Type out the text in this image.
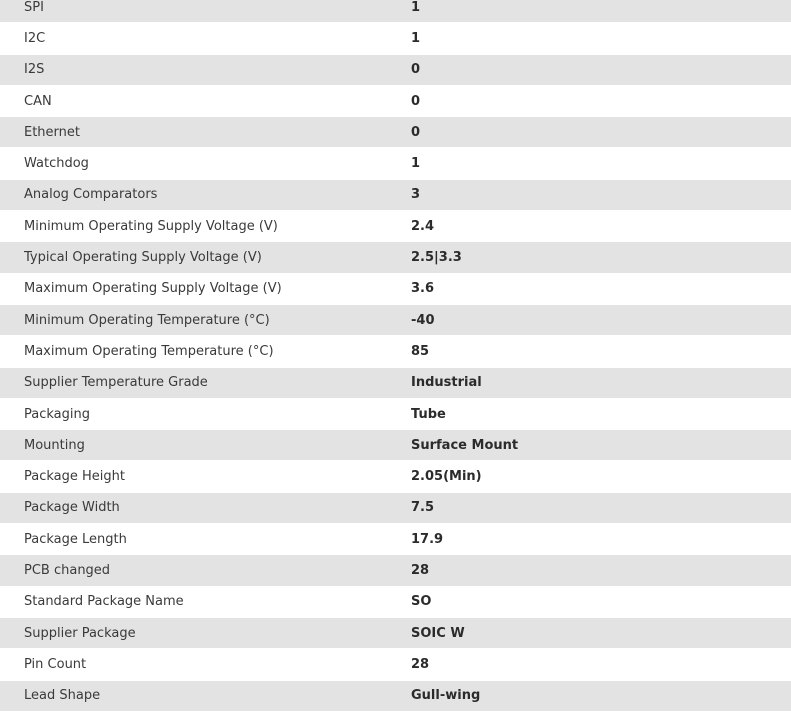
SPI	1
I2C	1
I2S	0
CAN	0
Ethernet	0
Watchdog	1
Analog Comparators	3
Minimum Operating Supply Voltage (V)	2.4
Typical Operating Supply Voltage (V)	2.5|3.3
Maximum Operating Supply Voltage (V)	3.6
Minimum Operating Temperature (°C)	-40
Maximum Operating Temperature (°C)	85
Supplier Temperature Grade	Industrial
Packaging	Tube
Mounting	Surface Mount
Package Height	2.05(Min)
Package Width	7.5
Package Length	17.9
PCB changed	28
Standard Package Name	SO
Supplier Package	SOIC W
Pin Count	28
Lead Shape	Gull-wing
